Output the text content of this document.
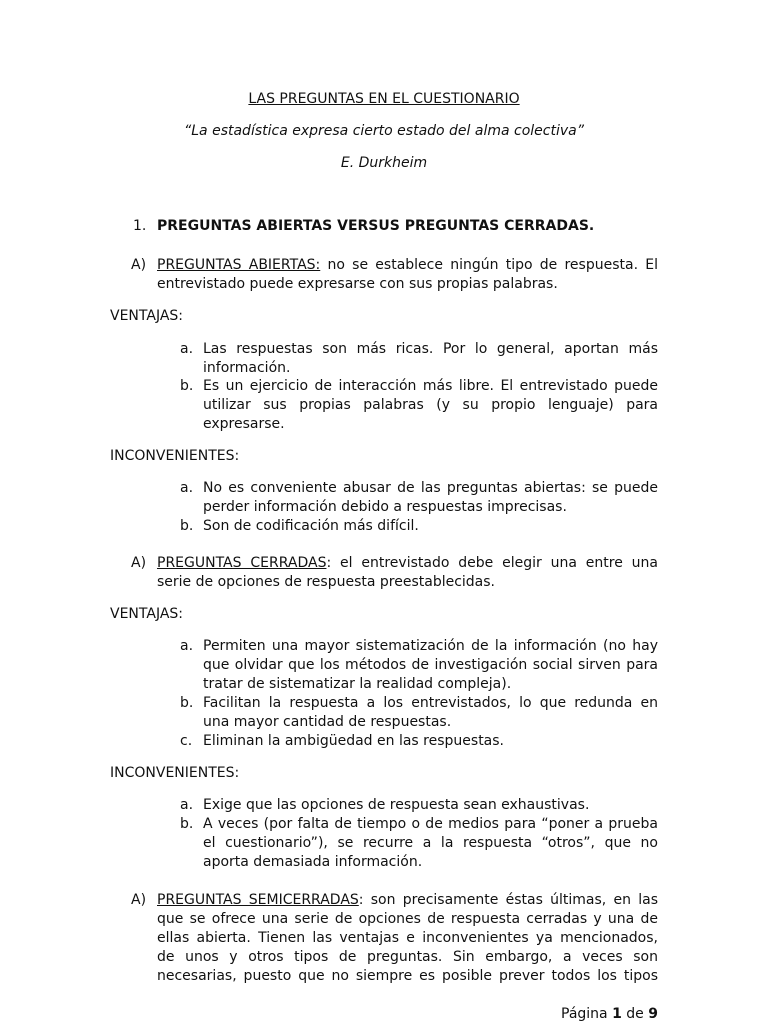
LAS PREGUNTAS EN EL CUESTIONARIO
“La estadística expresa cierto estado del alma colectiva”
E. Durkheim
1. PREGUNTAS ABIERTAS VERSUS PREGUNTAS CERRADAS.
A) PREGUNTAS ABIERTAS: no se establece ningún tipo de respuesta. El
entrevistado puede expresarse con sus propias palabras.
VENTAJAS:
a. Las respuestas son más ricas. Por lo general, aportan más
información.
b. Es un ejercicio de interacción más libre. El entrevistado puede
utilizar sus propias palabras (y su propio lenguaje) para
expresarse.
INCONVENIENTES:
a. No es conveniente abusar de las preguntas abiertas: se puede
perder información debido a respuestas imprecisas.
b. Son de codificación más difícil.
A) PREGUNTAS CERRADAS: el entrevistado debe elegir una entre una
serie de opciones de respuesta preestablecidas.
VENTAJAS:
a. Permiten una mayor sistematización de la información (no hay
que olvidar que los métodos de investigación social sirven para
tratar de sistematizar la realidad compleja).
b. Facilitan la respuesta a los entrevistados, lo que redunda en
una mayor cantidad de respuestas.
c. Eliminan la ambigüedad en las respuestas.
INCONVENIENTES:
a. Exige que las opciones de respuesta sean exhaustivas.
b. A veces (por falta de tiempo o de medios para “poner a prueba
el cuestionario”), se recurre a la respuesta “otros”, que no
aporta demasiada información.
A) PREGUNTAS SEMICERRADAS: son precisamente éstas últimas, en las
que se ofrece una serie de opciones de respuesta cerradas y una de
ellas abierta. Tienen las ventajas e inconvenientes ya mencionados,
de unos y otros tipos de preguntas. Sin embargo, a veces son
necesarias, puesto que no siempre es posible prever todos los tipos
Página 1 de 9
